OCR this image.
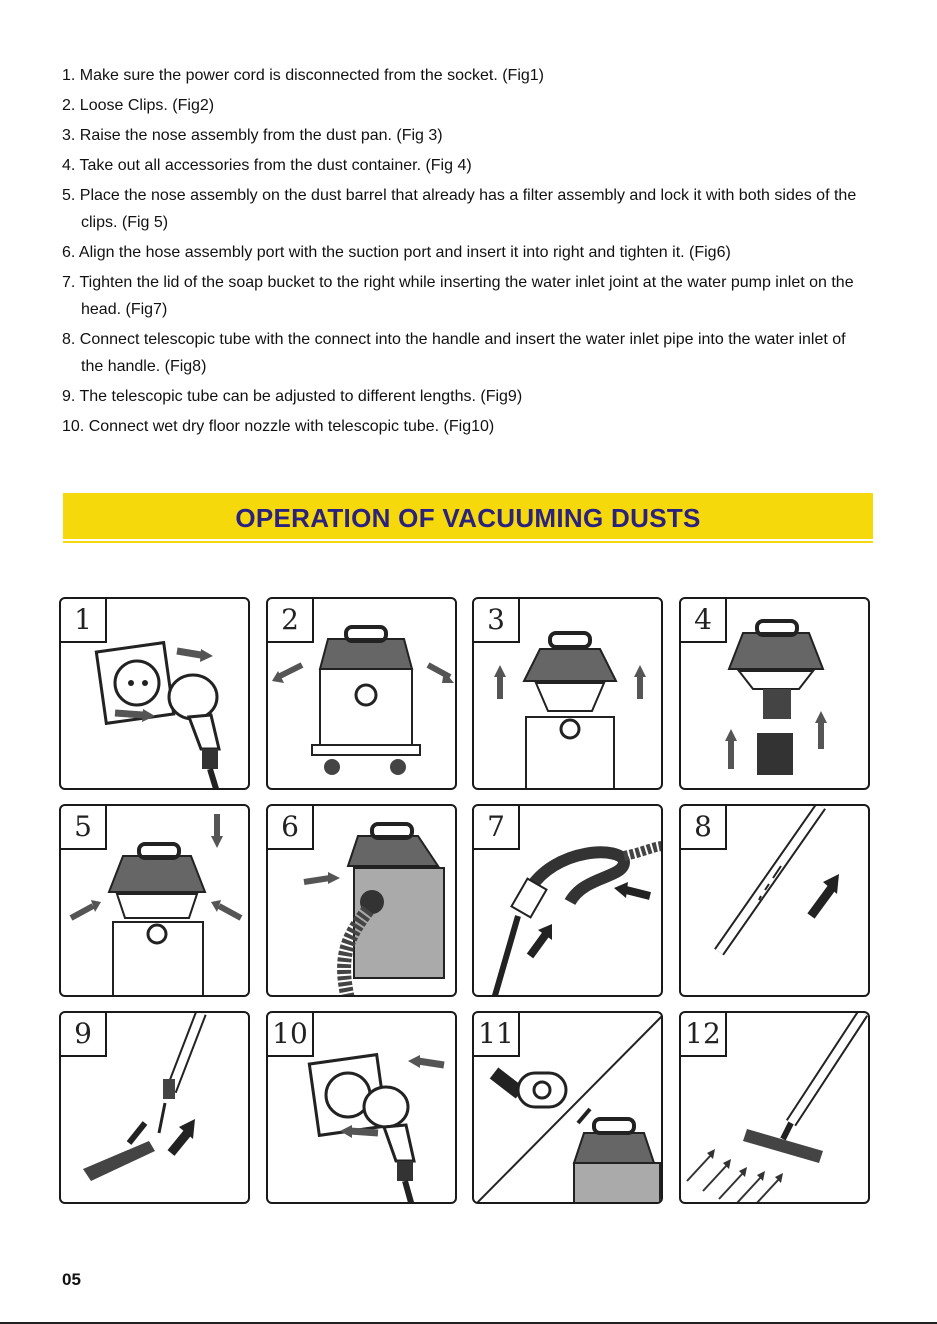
1. Make sure the power cord is disconnected from the socket. (Fig1)
2. Loose Clips. (Fig2)
3. Raise the nose assembly from the dust pan. (Fig 3)
4. Take out all accessories from the dust container. (Fig 4)
5. Place the nose assembly on the dust barrel that already has a filter assembly and lock it with both sides of the clips. (Fig 5)
6. Align the hose assembly port with the suction port and insert it into right and tighten it. (Fig6)
7. Tighten the lid of the soap bucket to the right while inserting the water inlet joint at the water pump inlet on the head. (Fig7)
8. Connect telescopic tube with the connect into the handle and insert the water inlet pipe into the water inlet of the handle. (Fig8)
9. The telescopic tube can be adjusted to different lengths. (Fig9)
10. Connect wet dry floor nozzle with telescopic tube. (Fig10)
OPERATION OF VACUUMING DUSTS
1	2	3	4
5	6	7	8
9	10	11	12
05
